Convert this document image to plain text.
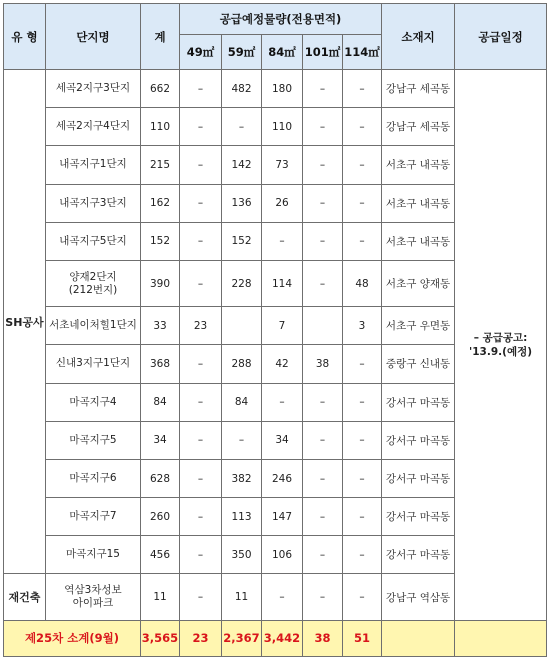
유 형	단지명	계	공급예정물량(전용면적)					소재지	공급일정
			49㎡	59㎡	84㎡	101㎡	114㎡		
SH공사	세곡2지구3단지	662	–	482	180	–	–	강남구 세곡동	– 공급공고:
'13.9.(예정)
	세곡2지구4단지	110	–	–	110	–	–	강남구 세곡동	
	내곡지구1단지	215	–	142	73	–	–	서초구 내곡동	
	내곡지구3단지	162	–	136	26	–	–	서초구 내곡동	
	내곡지구5단지	152	–	152	–	–	–	서초구 내곡동	
	양재2단지
(212번지)	390	–	228	114	–	48	서초구 양재동	
	서초네이처힐1단지	33	23		7		3	서초구 우면동	
	신내3지구1단지	368	–	288	42	38	–	중랑구 신내동	
	마곡지구4	84	–	84	–	–	–	강서구 마곡동	
	마곡지구5	34	–	–	34	–	–	강서구 마곡동	
	마곡지구6	628	–	382	246	–	–	강서구 마곡동	
	마곡지구7	260	–	113	147	–	–	강서구 마곡동	
	마곡지구15	456	–	350	106	–	–	강서구 마곡동	
재건축	역삼3차성보
아이파크	11	–	11	–	–	–	강남구 역삼동	
제25차 소계(9월)		3,565	23	2,367	3,442	38	51		
